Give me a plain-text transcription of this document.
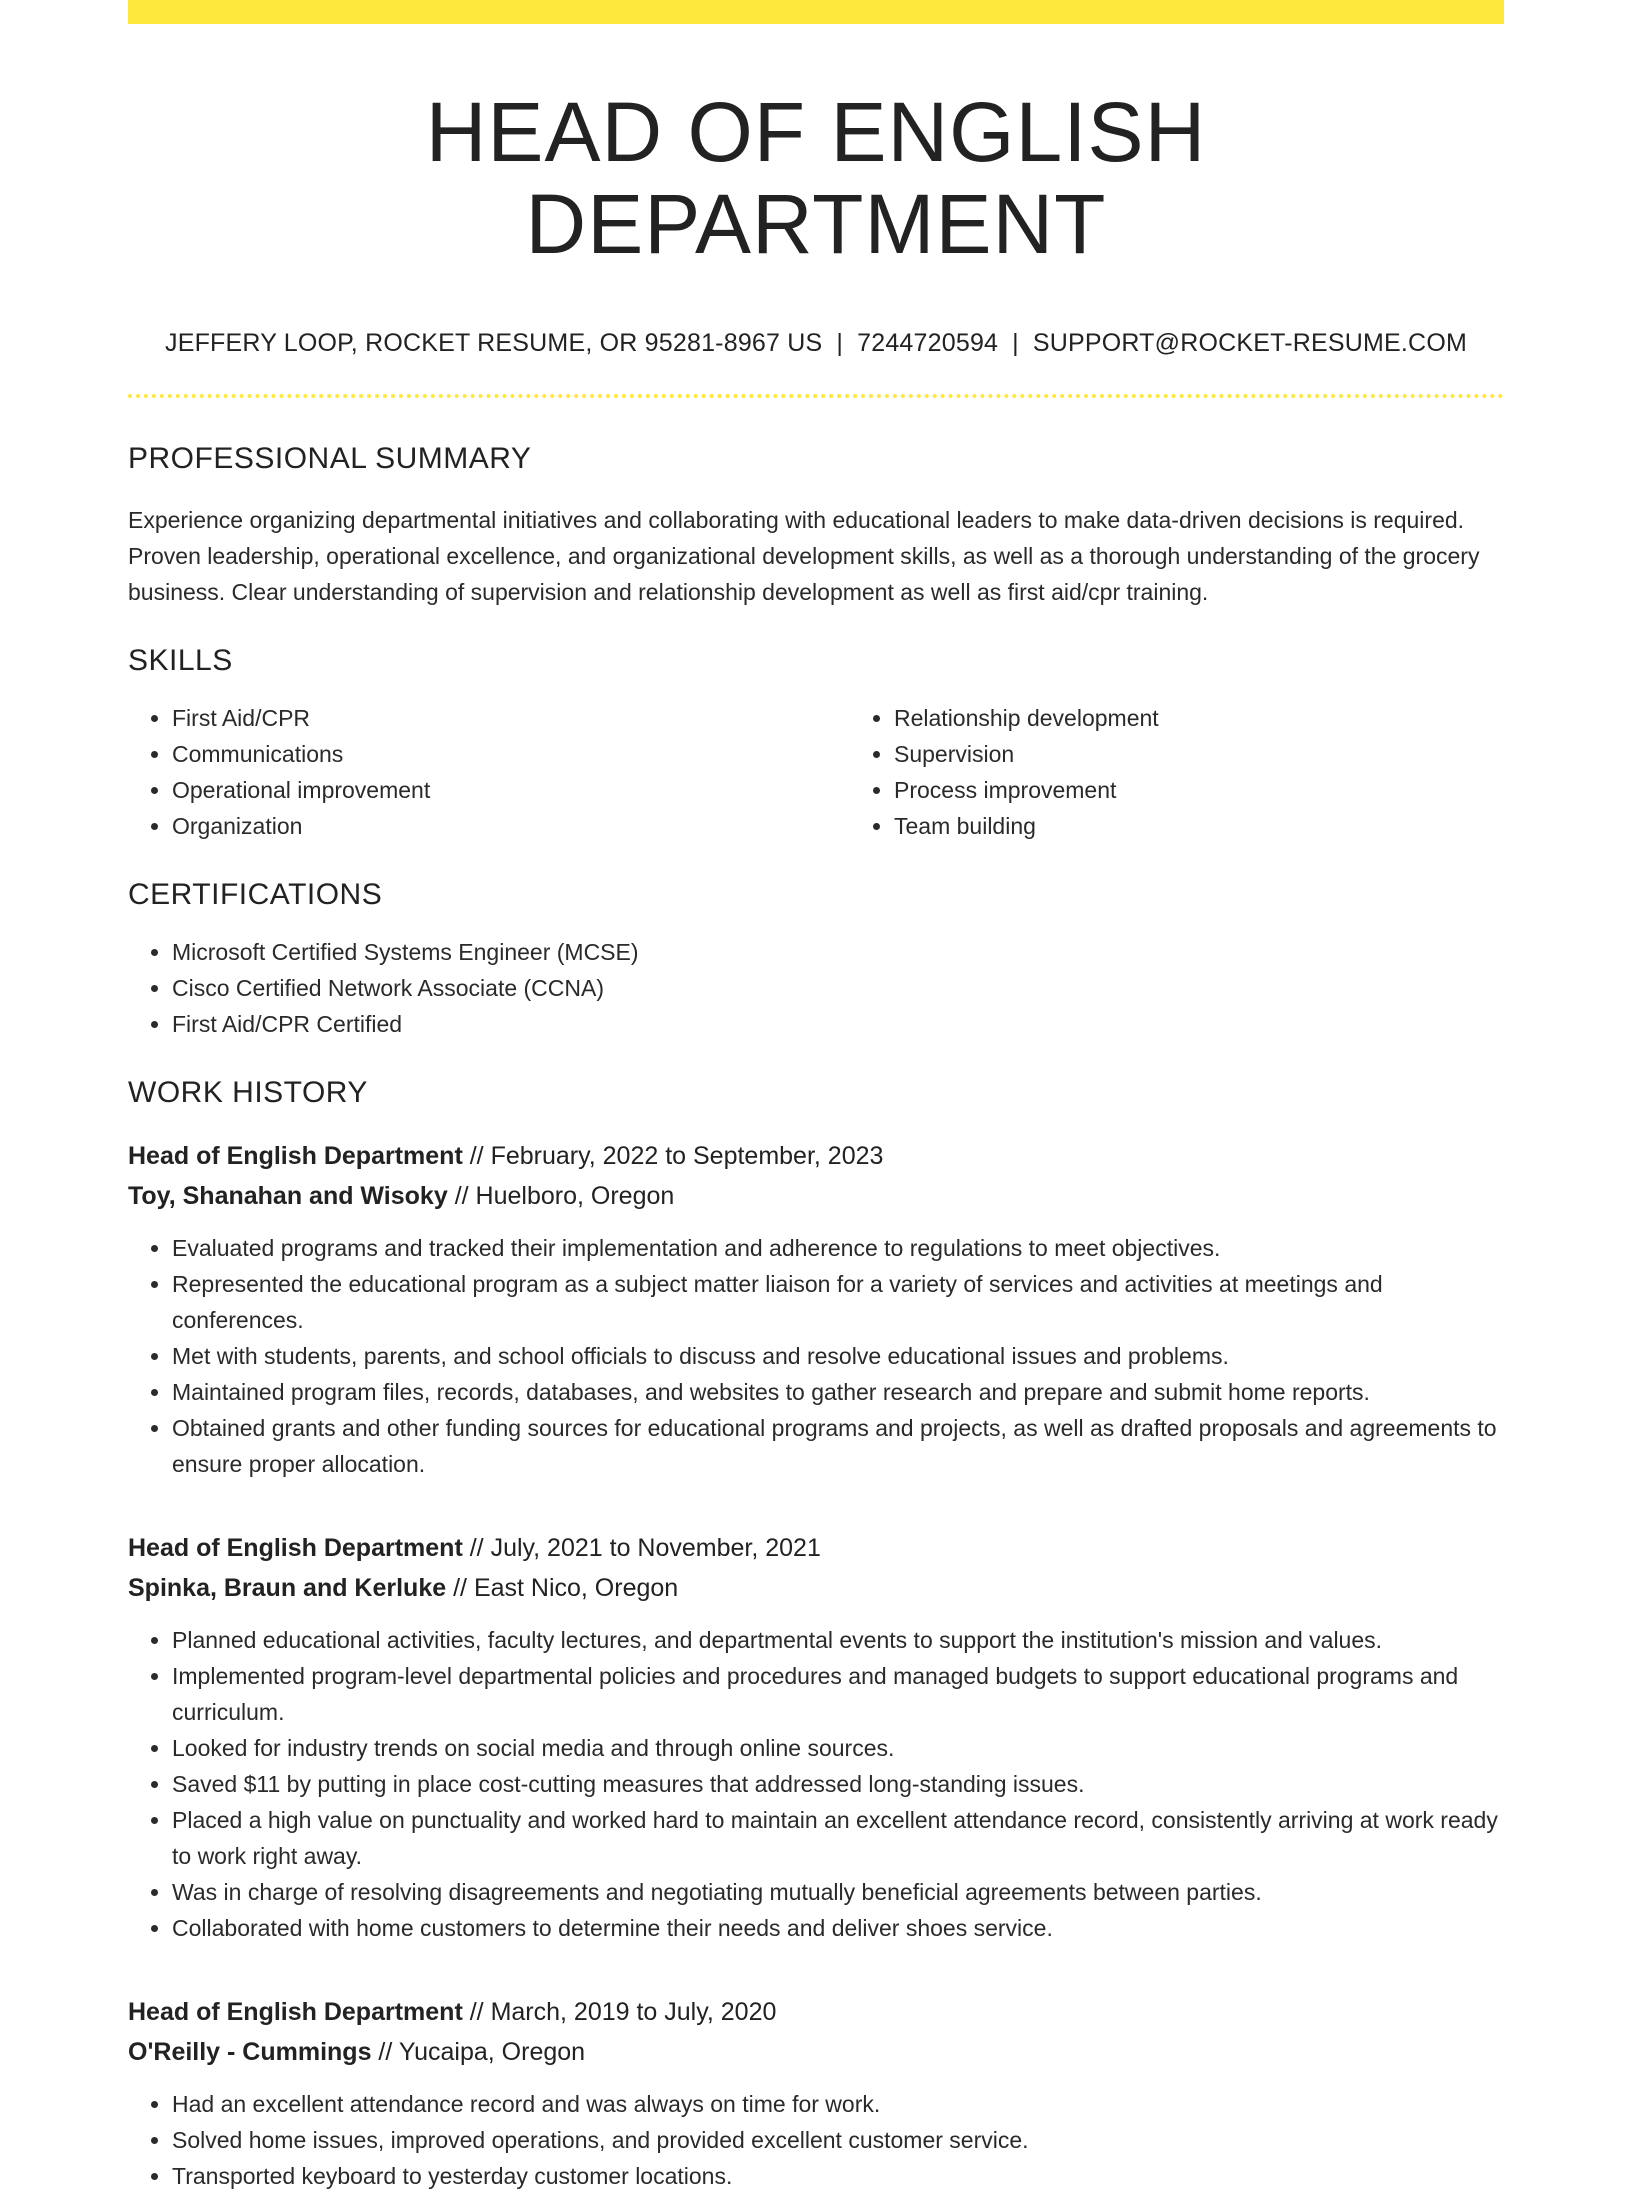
HEAD OF ENGLISH DEPARTMENT
JEFFERY LOOP, ROCKET RESUME, OR 95281-8967 US | 7244720594 | SUPPORT@ROCKET-RESUME.COM
PROFESSIONAL SUMMARY

Experience organizing departmental initiatives and collaborating with educational leaders to make data-driven decisions is required. Proven leadership, operational excellence, and organizational development skills, as well as a thorough understanding of the grocery business. Clear understanding of supervision and relationship development as well as first aid/cpr training.

SKILLS
• First Aid/CPR
• Communications
• Operational improvement
• Organization
• Relationship development
• Supervision
• Process improvement
• Team building
CERTIFICATIONS
• Microsoft Certified Systems Engineer (MCSE)
• Cisco Certified Network Associate (CCNA)
• First Aid/CPR Certified
WORK HISTORY
Head of English Department // February, 2022 to September, 2023
Toy, Shanahan and Wisoky // Huelboro, Oregon
• Evaluated programs and tracked their implementation and adherence to regulations to meet objectives.
• Represented the educational program as a subject matter liaison for a variety of services and activities at meetings and conferences.
• Met with students, parents, and school officials to discuss and resolve educational issues and problems.
• Maintained program files, records, databases, and websites to gather research and prepare and submit home reports.
• Obtained grants and other funding sources for educational programs and projects, as well as drafted proposals and agreements to ensure proper allocation.
Head of English Department // July, 2021 to November, 2021
Spinka, Braun and Kerluke // East Nico, Oregon
• Planned educational activities, faculty lectures, and departmental events to support the institution's mission and values.
• Implemented program-level departmental policies and procedures and managed budgets to support educational programs and curriculum.
• Looked for industry trends on social media and through online sources.
• Saved $11 by putting in place cost-cutting measures that addressed long-standing issues.
• Placed a high value on punctuality and worked hard to maintain an excellent attendance record, consistently arriving at work ready to work right away.
• Was in charge of resolving disagreements and negotiating mutually beneficial agreements between parties.
• Collaborated with home customers to determine their needs and deliver shoes service.
Head of English Department // March, 2019 to July, 2020
O'Reilly - Cummings // Yucaipa, Oregon
• Had an excellent attendance record and was always on time for work.
• Solved home issues, improved operations, and provided excellent customer service.
• Transported keyboard to yesterday customer locations.
